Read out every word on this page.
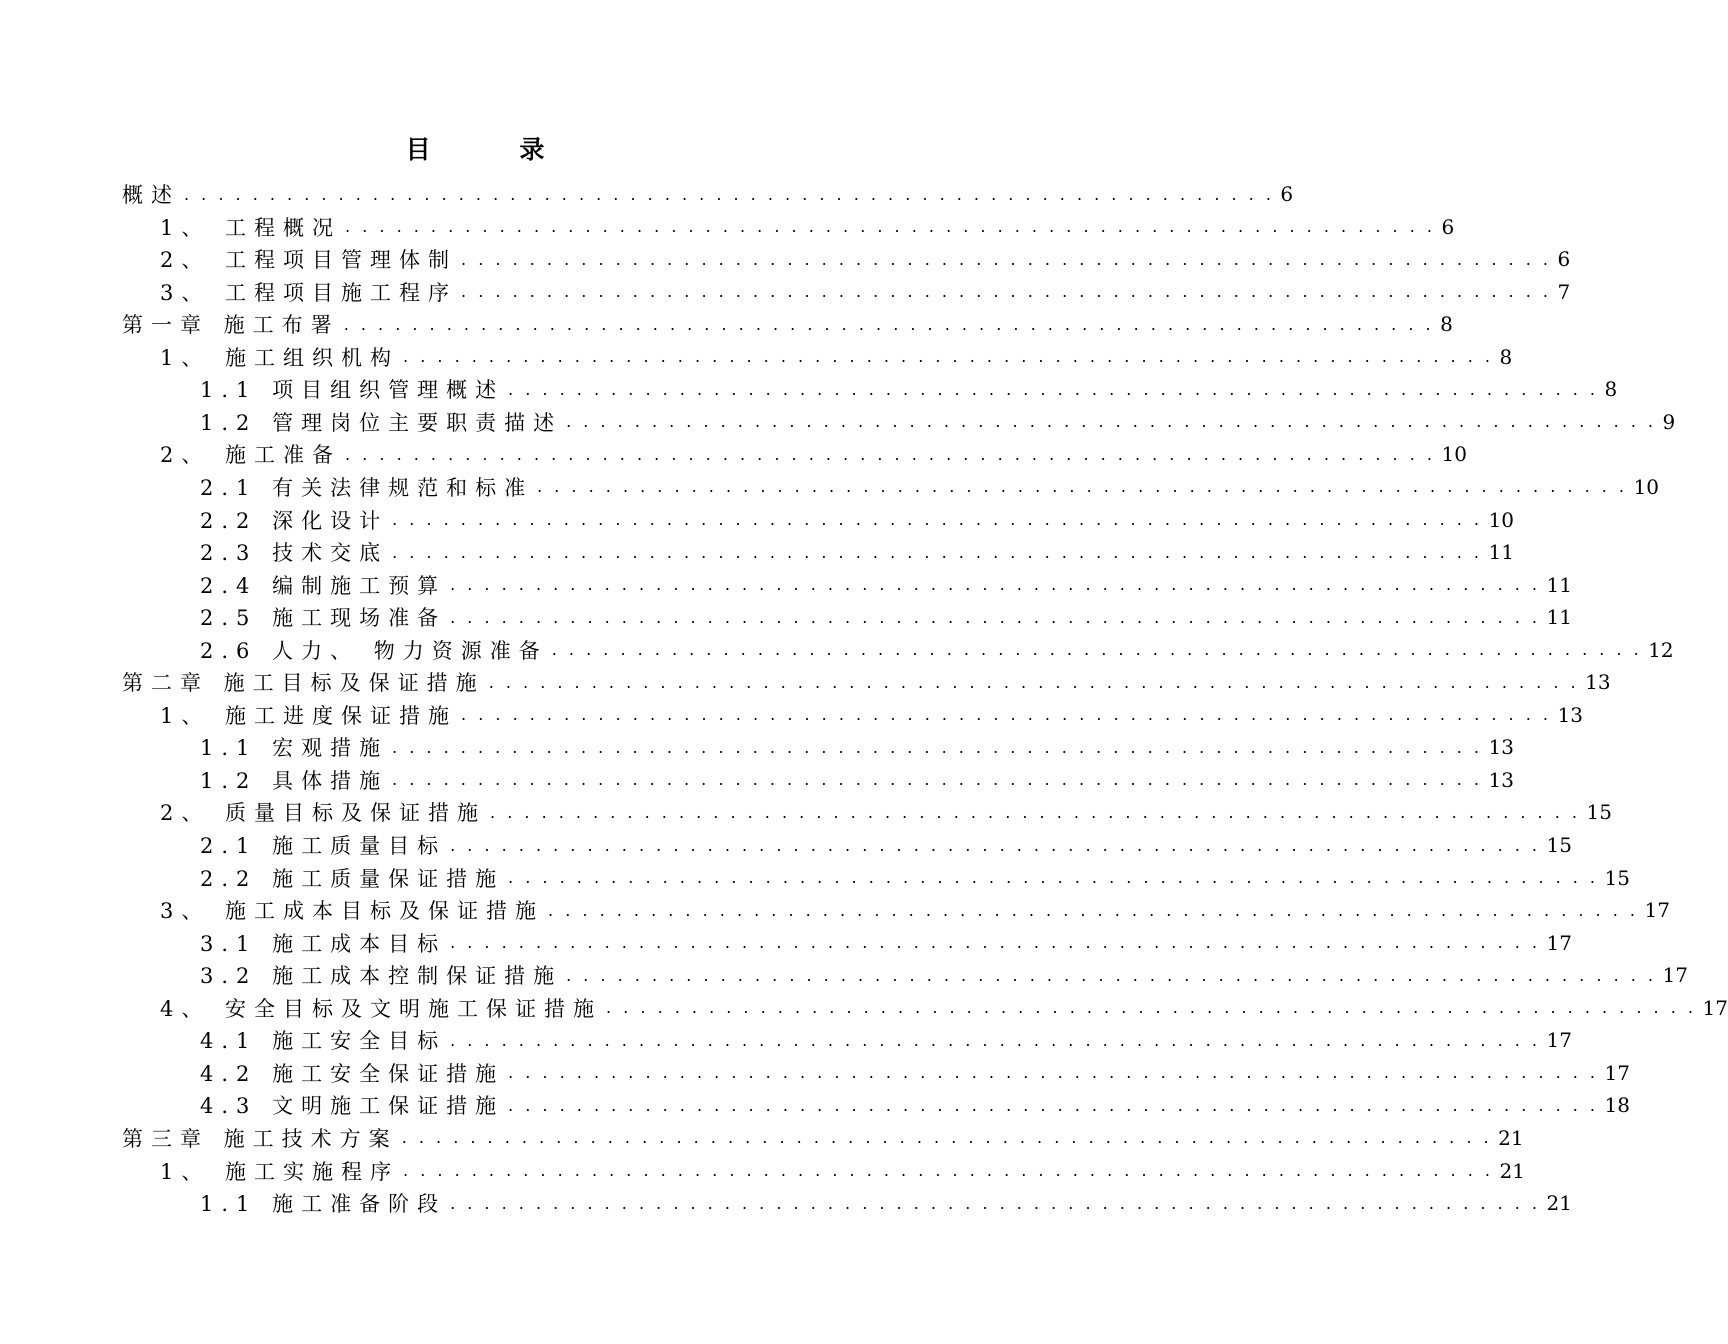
目 录
概述 . . . . . . . . . . . . . . . . . . . . . . . . . . . . . . . . . . . . . . . . . . . . . . . . . . . . . . . . . . . . . . . . 6
1、 工程概况 . . . . . . . . . . . . . . . . . . . . . . . . . . . . . . . . . . . . . . . . . . . . . . . . . . . . . . . . . . . . . . . . 6
2、 工程项目管理体制 . . . . . . . . . . . . . . . . . . . . . . . . . . . . . . . . . . . . . . . . . . . . . . . . . . . . . . . . . . . . . . . . 6
3、 工程项目施工程序 . . . . . . . . . . . . . . . . . . . . . . . . . . . . . . . . . . . . . . . . . . . . . . . . . . . . . . . . . . . . . . . . 7
第一章 施工布署 . . . . . . . . . . . . . . . . . . . . . . . . . . . . . . . . . . . . . . . . . . . . . . . . . . . . . . . . . . . . . . . . 8
1、 施工组织机构 . . . . . . . . . . . . . . . . . . . . . . . . . . . . . . . . . . . . . . . . . . . . . . . . . . . . . . . . . . . . . . . . 8
1.1 项目组织管理概述 . . . . . . . . . . . . . . . . . . . . . . . . . . . . . . . . . . . . . . . . . . . . . . . . . . . . . . . . . . . . . . . . 8
1.2 管理岗位主要职责描述 . . . . . . . . . . . . . . . . . . . . . . . . . . . . . . . . . . . . . . . . . . . . . . . . . . . . . . . . . . . . . . . . 9
2、 施工准备 . . . . . . . . . . . . . . . . . . . . . . . . . . . . . . . . . . . . . . . . . . . . . . . . . . . . . . . . . . . . . . . . 10
2.1 有关法律规范和标准 . . . . . . . . . . . . . . . . . . . . . . . . . . . . . . . . . . . . . . . . . . . . . . . . . . . . . . . . . . . . . . . . 10
2.2 深化设计 . . . . . . . . . . . . . . . . . . . . . . . . . . . . . . . . . . . . . . . . . . . . . . . . . . . . . . . . . . . . . . . . 10
2.3 技术交底 . . . . . . . . . . . . . . . . . . . . . . . . . . . . . . . . . . . . . . . . . . . . . . . . . . . . . . . . . . . . . . . . 11
2.4 编制施工预算 . . . . . . . . . . . . . . . . . . . . . . . . . . . . . . . . . . . . . . . . . . . . . . . . . . . . . . . . . . . . . . . . 11
2.5 施工现场准备 . . . . . . . . . . . . . . . . . . . . . . . . . . . . . . . . . . . . . . . . . . . . . . . . . . . . . . . . . . . . . . . . 11
2.6 人力、 物力资源准备 . . . . . . . . . . . . . . . . . . . . . . . . . . . . . . . . . . . . . . . . . . . . . . . . . . . . . . . . . . . . . . . . 12
第二章 施工目标及保证措施 . . . . . . . . . . . . . . . . . . . . . . . . . . . . . . . . . . . . . . . . . . . . . . . . . . . . . . . . . . . . . . . . 13
1、 施工进度保证措施 . . . . . . . . . . . . . . . . . . . . . . . . . . . . . . . . . . . . . . . . . . . . . . . . . . . . . . . . . . . . . . . . 13
1.1 宏观措施 . . . . . . . . . . . . . . . . . . . . . . . . . . . . . . . . . . . . . . . . . . . . . . . . . . . . . . . . . . . . . . . . 13
1.2 具体措施 . . . . . . . . . . . . . . . . . . . . . . . . . . . . . . . . . . . . . . . . . . . . . . . . . . . . . . . . . . . . . . . . 13
2、 质量目标及保证措施 . . . . . . . . . . . . . . . . . . . . . . . . . . . . . . . . . . . . . . . . . . . . . . . . . . . . . . . . . . . . . . . . 15
2.1 施工质量目标 . . . . . . . . . . . . . . . . . . . . . . . . . . . . . . . . . . . . . . . . . . . . . . . . . . . . . . . . . . . . . . . . 15
2.2 施工质量保证措施 . . . . . . . . . . . . . . . . . . . . . . . . . . . . . . . . . . . . . . . . . . . . . . . . . . . . . . . . . . . . . . . . 15
3、 施工成本目标及保证措施 . . . . . . . . . . . . . . . . . . . . . . . . . . . . . . . . . . . . . . . . . . . . . . . . . . . . . . . . . . . . . . . . 17
3.1 施工成本目标 . . . . . . . . . . . . . . . . . . . . . . . . . . . . . . . . . . . . . . . . . . . . . . . . . . . . . . . . . . . . . . . . 17
3.2 施工成本控制保证措施 . . . . . . . . . . . . . . . . . . . . . . . . . . . . . . . . . . . . . . . . . . . . . . . . . . . . . . . . . . . . . . . . 17
4、 安全目标及文明施工保证措施 . . . . . . . . . . . . . . . . . . . . . . . . . . . . . . . . . . . . . . . . . . . . . . . . . . . . . . . . . . . . . . . . 17
4.1 施工安全目标 . . . . . . . . . . . . . . . . . . . . . . . . . . . . . . . . . . . . . . . . . . . . . . . . . . . . . . . . . . . . . . . . 17
4.2 施工安全保证措施 . . . . . . . . . . . . . . . . . . . . . . . . . . . . . . . . . . . . . . . . . . . . . . . . . . . . . . . . . . . . . . . . 17
4.3 文明施工保证措施 . . . . . . . . . . . . . . . . . . . . . . . . . . . . . . . . . . . . . . . . . . . . . . . . . . . . . . . . . . . . . . . . 18
第三章 施工技术方案 . . . . . . . . . . . . . . . . . . . . . . . . . . . . . . . . . . . . . . . . . . . . . . . . . . . . . . . . . . . . . . . . 21
1、 施工实施程序 . . . . . . . . . . . . . . . . . . . . . . . . . . . . . . . . . . . . . . . . . . . . . . . . . . . . . . . . . . . . . . . . 21
1.1 施工准备阶段 . . . . . . . . . . . . . . . . . . . . . . . . . . . . . . . . . . . . . . . . . . . . . . . . . . . . . . . . . . . . . . . . 21
